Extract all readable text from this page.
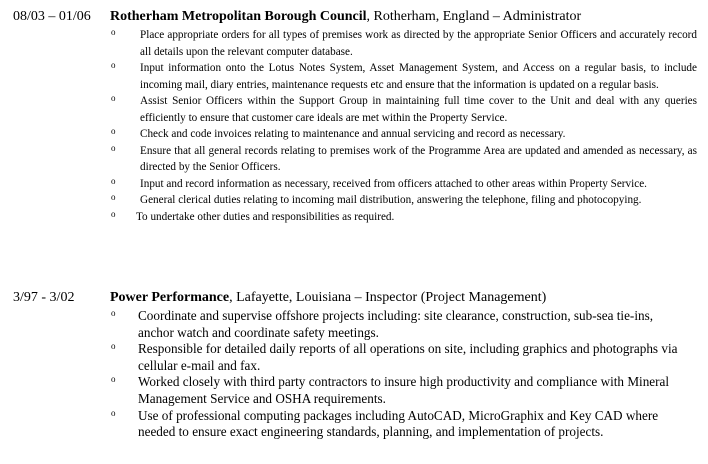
08/03 – 01/06 Rotherham Metropolitan Borough Council, Rotherham, England – Administrator
o Place appropriate orders for all types of premises work as directed by the appropriate Senior Officers and accurately record all details upon the relevant computer database.
o Input information onto the Lotus Notes System, Asset Management System, and Access on a regular basis, to include incoming mail, diary entries, maintenance requests etc and ensure that the information is updated on a regular basis.
o Assist Senior Officers within the Support Group in maintaining full time cover to the Unit and deal with any queries efficiently to ensure that customer care ideals are met within the Property Service.
o Check and code invoices relating to maintenance and annual servicing and record as necessary.
o Ensure that all general records relating to premises work of the Programme Area are updated and amended as necessary, as directed by the Senior Officers.
o Input and record information as necessary, received from officers attached to other areas within Property Service.
o General clerical duties relating to incoming mail distribution, answering the telephone, filing and photocopying.
o To undertake other duties and responsibilities as required.
3/97 - 3/02	Power Performance, Lafayette, Louisiana – Inspector (Project Management)
o Coordinate and supervise offshore projects including: site clearance, construction, sub-sea tie-ins, anchor watch and coordinate safety meetings.
o Responsible for detailed daily reports of all operations on site, including graphics and photographs via cellular e-mail and fax.
o Worked closely with third party contractors to insure high productivity and compliance with Mineral Management Service and OSHA requirements.
o Use of professional computing packages including AutoCAD, MicroGraphix and Key CAD where needed to ensure exact engineering standards, planning, and implementation of projects.
